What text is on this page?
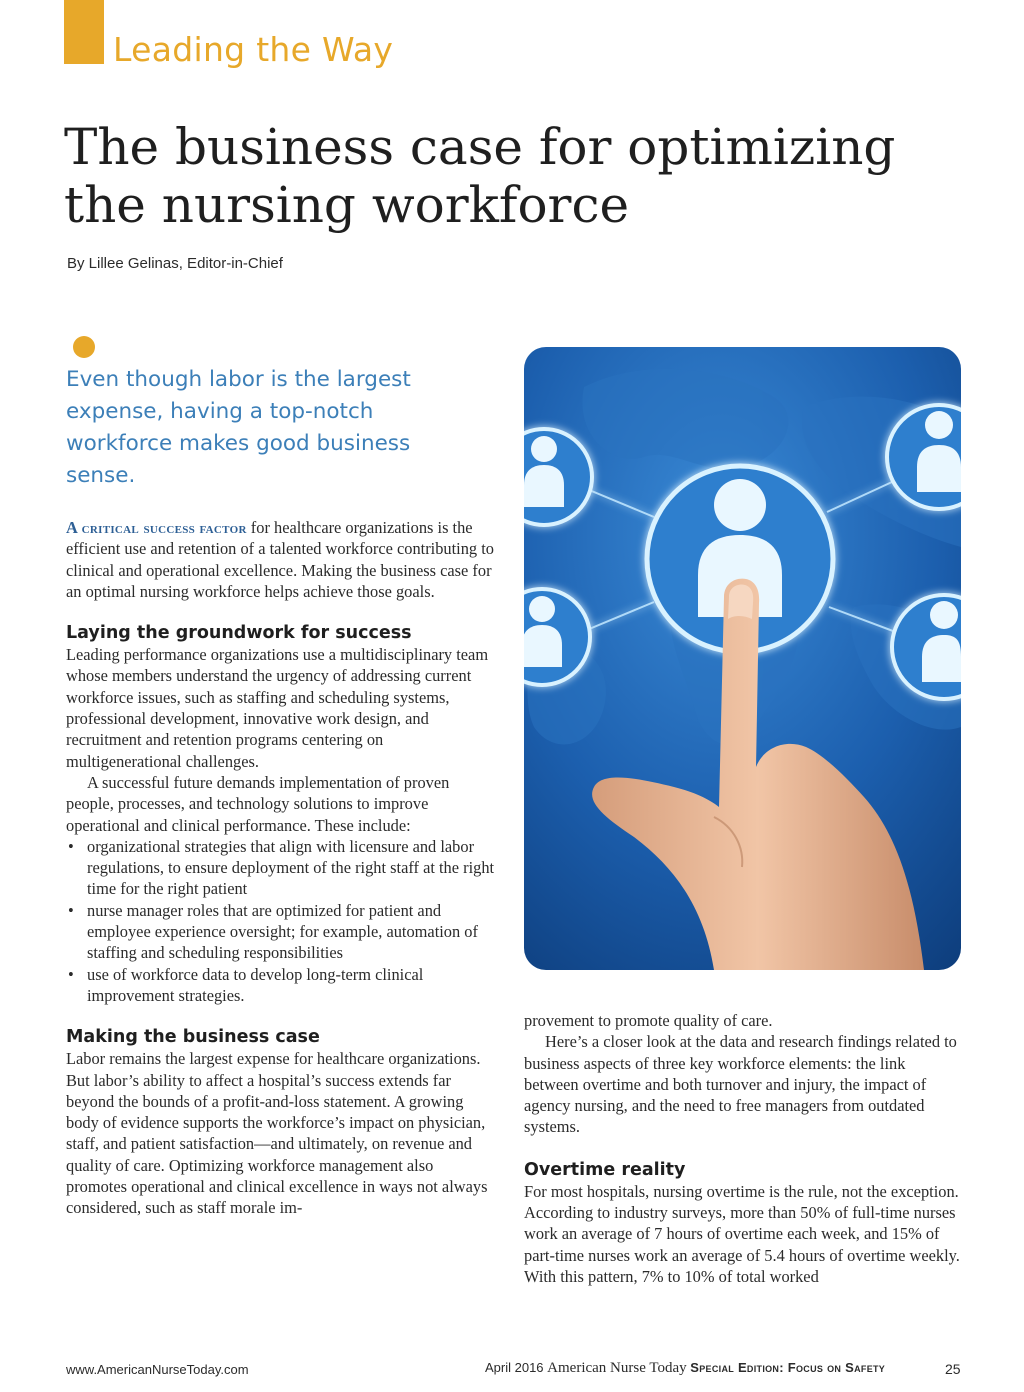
Leading the Way
The business case for optimizing the nursing workforce
By Lillee Gelinas, Editor-in-Chief
Even though labor is the largest expense, having a top-notch workforce makes good business sense.

A critical success factor for healthcare organizations is the efficient use and retention of a talented workforce contributing to clinical and operational excellence. Making the business case for an optimal nursing workforce helps achieve those goals.

Laying the groundwork for success

Leading performance organizations use a multidisciplinary team whose members understand the urgency of addressing current workforce issues, such as staffing and scheduling systems, professional development, innovative work design, and recruitment and retention programs centering on multigenerational challenges.

A successful future demands implementation of proven people, processes, and technology solutions to improve operational and clinical performance. These include:

• organizational strategies that align with licensure and labor regulations, to ensure deployment of the right staff at the right time for the right patient
• nurse manager roles that are optimized for patient and employee experience oversight; for example, automation of staffing and scheduling responsibilities
• use of workforce data to develop long-term clinical improvement strategies.
Making the business case

Labor remains the largest expense for healthcare organizations. But labor’s ability to affect a hospital’s success extends far beyond the bounds of a profit-and-loss statement. A growing body of evidence supports the workforce’s impact on physician, staff, and patient satisfaction—and ultimately, on revenue and quality of care. Optimizing workforce management also promotes operational and clinical excellence in ways not always considered, such as staff morale im-

provement to promote quality of care.

Here’s a closer look at the data and research findings related to business aspects of three key workforce elements: the link between overtime and both turnover and injury, the impact of agency nursing, and the need to free managers from outdated systems.

Overtime reality

For most hospitals, nursing overtime is the rule, not the exception. According to industry surveys, more than 50% of full-time nurses work an average of 7 hours of overtime each week, and 15% of part-time nurses work an average of 5.4 hours of overtime weekly. With this pattern, 7% to 10% of total worked

www.AmericanNurseToday.com	April 2016 American Nurse Today Special Edition: Focus on Safety	25
